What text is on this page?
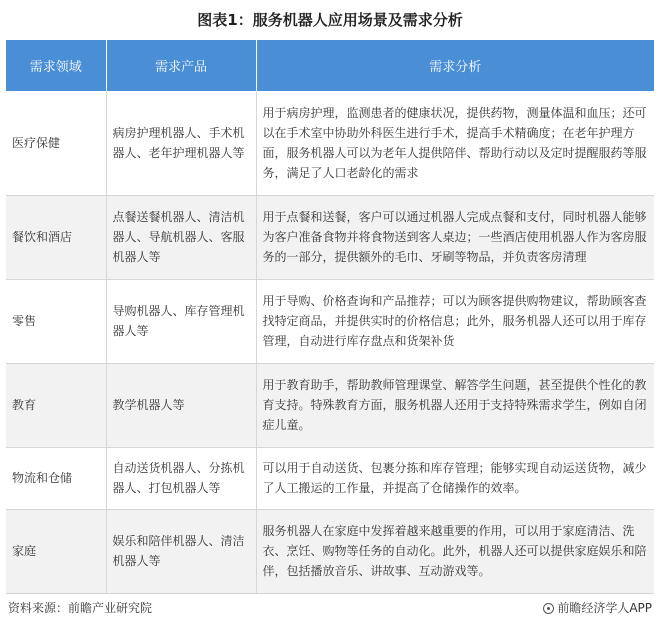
图表1：服务机器人应用场景及需求分析
需求领域	需求产品	需求分析
医疗保健	病房护理机器人、手术机器人、老年护理机器人等	用于病房护理，监测患者的健康状况，提供药物，测量体温和血压；还可以在手术室中协助外科医生进行手术，提高手术精确度；在老年护理方面，服务机器人可以为老年人提供陪伴、帮助行动以及定时提醒服药等服务，满足了人口老龄化的需求
餐饮和酒店	点餐送餐机器人、清洁机器人、导航机器人、客服机器人等	用于点餐和送餐，客户可以通过机器人完成点餐和支付，同时机器人能够为客户准备食物并将食物送到客人桌边；一些酒店使用机器人作为客房服务的一部分，提供额外的毛巾、牙刷等物品，并负责客房清理
零售	导购机器人、库存管理机器人等	用于导购、价格查询和产品推荐；可以为顾客提供购物建议，帮助顾客查找特定商品，并提供实时的价格信息；此外，服务机器人还可以用于库存管理，自动进行库存盘点和货架补货
教育	教学机器人等	用于教育助手，帮助教师管理课堂、解答学生问题，甚至提供个性化的教育支持。特殊教育方面，服务机器人还用于支持特殊需求学生，例如自闭症儿童。
物流和仓储	自动送货机器人、分拣机器人、打包机器人等	可以用于自动送货、包裹分拣和库存管理；能够实现自动运送货物，减少了人工搬运的工作量，并提高了仓储操作的效率。
家庭	娱乐和陪伴机器人、清洁机器人等	服务机器人在家庭中发挥着越来越重要的作用，可以用于家庭清洁、洗衣、烹饪、购物等任务的自动化。此外，机器人还可以提供家庭娱乐和陪伴，包括播放音乐、讲故事、互动游戏等。
资料来源：前瞻产业研究院	前瞻经济学人APP
